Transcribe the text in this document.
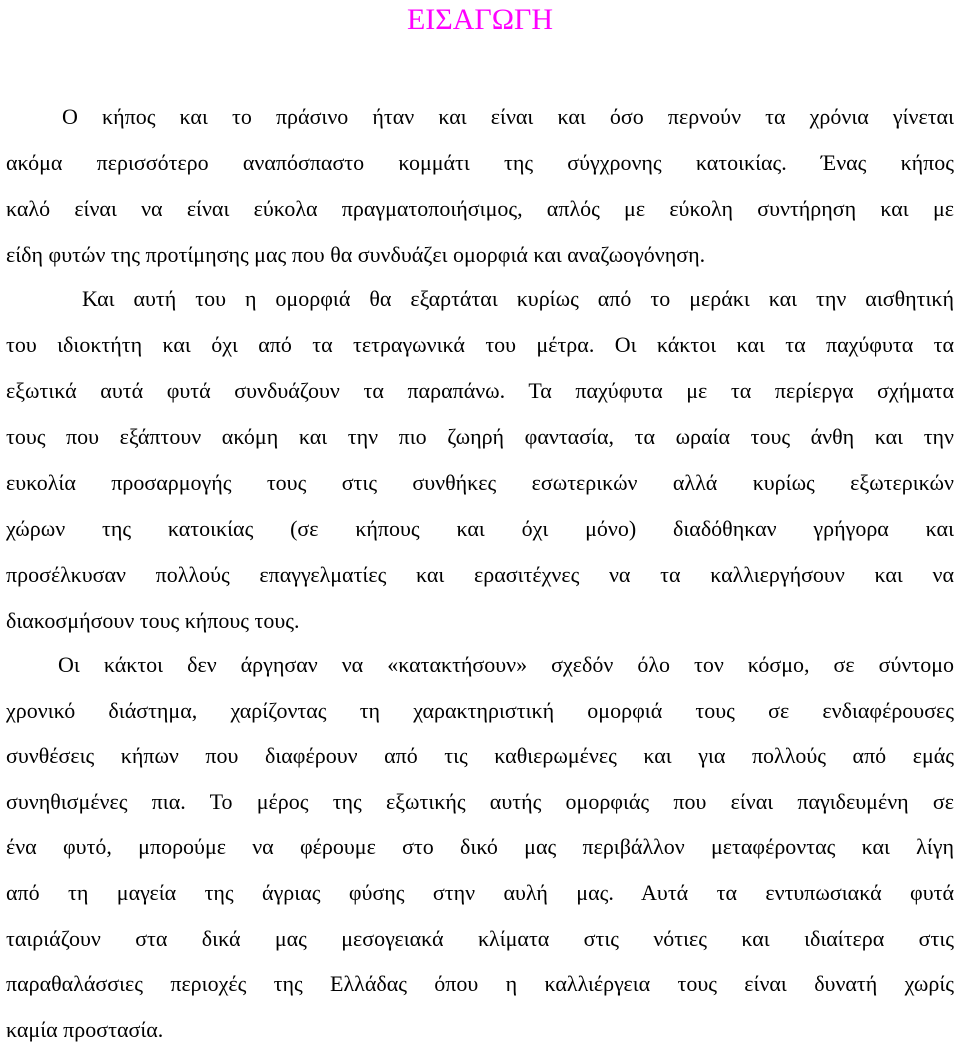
ΕΙΣΑΓΩΓΗ
Ο κήπος και το πράσινο ήταν και είναι και όσο περνούν τα χρόνια γίνεται
ακόμα περισσότερο αναπόσπαστο κομμάτι της σύγχρονης κατοικίας. Ένας κήπος
καλό είναι να είναι εύκολα πραγματοποιήσιμος, απλός με εύκολη συντήρηση και με
είδη φυτών της προτίμησης μας που θα συνδυάζει ομορφιά και αναζωογόνηση.
Και αυτή του η ομορφιά θα εξαρτάται κυρίως από το μεράκι και την αισθητική
του ιδιοκτήτη και όχι από τα τετραγωνικά του μέτρα. Οι κάκτοι και τα παχύφυτα τα
εξωτικά αυτά φυτά συνδυάζουν τα παραπάνω. Τα παχύφυτα με τα περίεργα σχήματα
τους που εξάπτουν ακόμη και την πιο ζωηρή φαντασία, τα ωραία τους άνθη και την
ευκολία προσαρμογής τους στις συνθήκες εσωτερικών αλλά κυρίως εξωτερικών
χώρων της κατοικίας (σε κήπους και όχι μόνο) διαδόθηκαν γρήγορα και
προσέλκυσαν πολλούς επαγγελματίες και ερασιτέχνες να τα καλλιεργήσουν και να
διακοσμήσουν τους κήπους τους.
Οι κάκτοι δεν άργησαν να «κατακτήσουν» σχεδόν όλο τον κόσμο, σε σύντομο
χρονικό διάστημα, χαρίζοντας τη χαρακτηριστική ομορφιά τους σε ενδιαφέρουσες
συνθέσεις κήπων που διαφέρουν από τις καθιερωμένες και για πολλούς από εμάς
συνηθισμένες πια. Το μέρος της εξωτικής αυτής ομορφιάς που είναι παγιδευμένη σε
ένα φυτό, μπορούμε να φέρουμε στο δικό μας περιβάλλον μεταφέροντας και λίγη
από τη μαγεία της άγριας φύσης στην αυλή μας. Αυτά τα εντυπωσιακά φυτά
ταιριάζουν στα δικά μας μεσογειακά κλίματα στις νότιες και ιδιαίτερα στις
παραθαλάσσιες περιοχές της Ελλάδας όπου η καλλιέργεια τους είναι δυνατή χωρίς
καμία προστασία.
